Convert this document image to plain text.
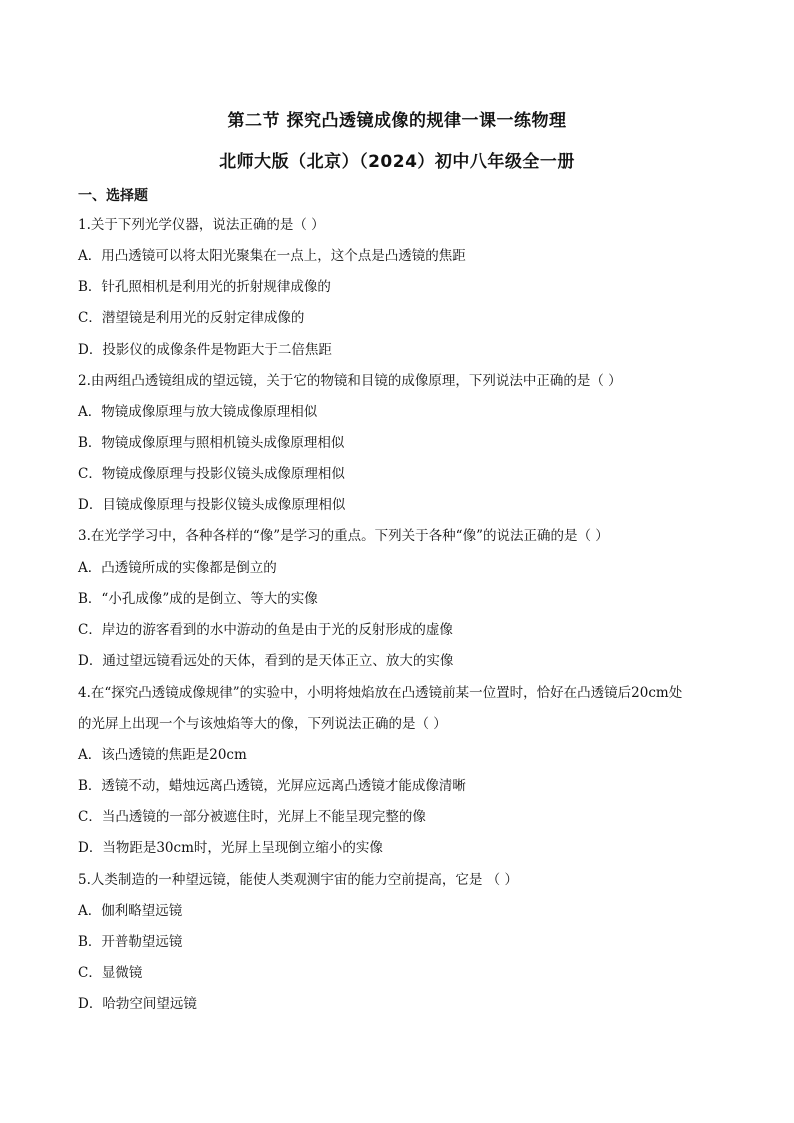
第二节 探究凸透镜成像的规律一课一练物理
北师大版（北京）（2024）初中八年级全一册
一、选择题
1.关于下列光学仪器，说法正确的是（ ）
A．用凸透镜可以将太阳光聚集在一点上，这个点是凸透镜的焦距
B．针孔照相机是利用光的折射规律成像的
C．潜望镜是利用光的反射定律成像的
D．投影仪的成像条件是物距大于二倍焦距
2.由两组凸透镜组成的望远镜，关于它的物镜和目镜的成像原理，下列说法中正确的是（ ）
A．物镜成像原理与放大镜成像原理相似
B．物镜成像原理与照相机镜头成像原理相似
C．物镜成像原理与投影仪镜头成像原理相似
D．目镜成像原理与投影仪镜头成像原理相似
3.在光学学习中，各种各样的“像”是学习的重点。下列关于各种“像”的说法正确的是（ ）
A．凸透镜所成的实像都是倒立的
B．“小孔成像”成的是倒立、等大的实像
C．岸边的游客看到的水中游动的鱼是由于光的反射形成的虚像
D．通过望远镜看远处的天体，看到的是天体正立、放大的实像
4.在“探究凸透镜成像规律”的实验中，小明将烛焰放在凸透镜前某一位置时，恰好在凸透镜后20cm处
的光屏上出现一个与该烛焰等大的像，下列说法正确的是（ ）
A．该凸透镜的焦距是20cm
B．透镜不动，蜡烛远离凸透镜，光屏应远离凸透镜才能成像清晰
C．当凸透镜的一部分被遮住时，光屏上不能呈现完整的像
D．当物距是30cm时，光屏上呈现倒立缩小的实像
5.人类制造的一种望远镜，能使人类观测宇宙的能力空前提高，它是 （ ）
A．伽利略望远镜
B．开普勒望远镜
C．显微镜
D．哈勃空间望远镜
